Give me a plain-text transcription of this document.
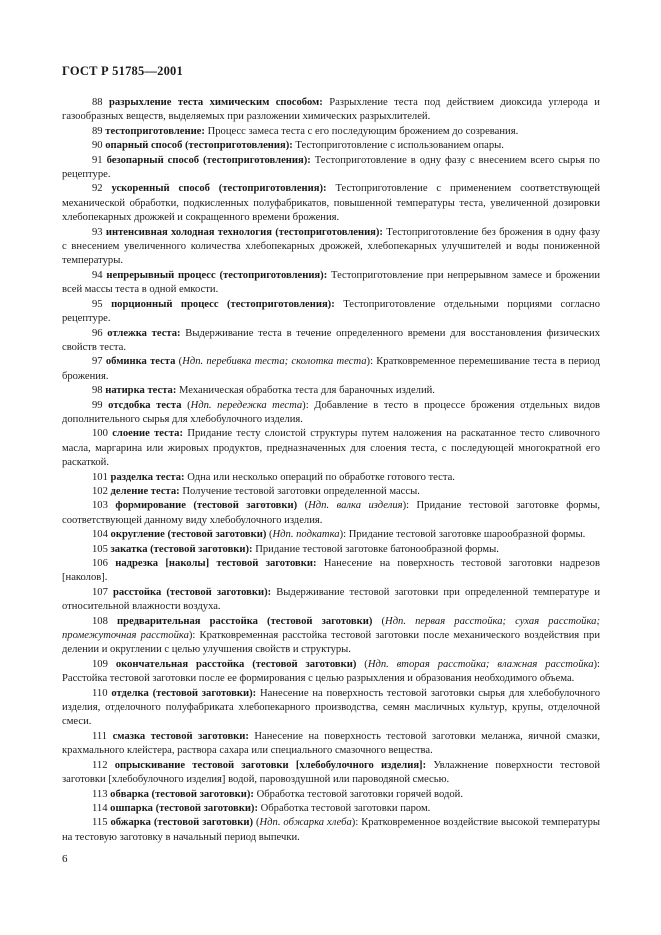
ГОСТ Р 51785—2001

88 разрыхление теста химическим способом: Разрыхление теста под действием диоксида углерода и газообразных веществ, выделяемых при разложении химических разрыхлителей.

89 тестоприготовление: Процесс замеса теста с его последующим брожением до созревания.

90 опарный способ (тестоприготовления): Тестоприготовление с использованием опары.

91 безопарный способ (тестоприготовления): Тестоприготовление в одну фазу с внесением всего сырья по рецептуре.

92 ускоренный способ (тестоприготовления): Тестоприготовление с применением соответствующей механической обработки, подкисленных полуфабрикатов, повышенной температуры теста, увеличенной дозировки хлебопекарных дрожжей и сокращенного времени брожения.

93 интенсивная холодная технология (тестоприготовления): Тестоприготовление без брожения в одну фазу с внесением увеличенного количества хлебопекарных дрожжей, хлебопекарных улучшителей и воды пониженной температуры.

94 непрерывный процесс (тестоприготовления): Тестоприготовление при непрерывном замесе и брожении всей массы теста в одной емкости.

95 порционный процесс (тестоприготовления): Тестоприготовление отдельными порциями согласно рецептуре.

96 отлежка теста: Выдерживание теста в течение определенного времени для восстановления физических свойств теста.

97 обминка теста (Ндп. перебивка теста; сколотка теста): Кратковременное перемешивание теста в период брожения.

98 натирка теста: Механическая обработка теста для бараночных изделий.

99 отсдобка теста (Ндп. передежка теста): Добавление в тесто в процессе брожения отдельных видов дополнительного сырья для хлебобулочного изделия.

100 слоение теста: Придание тесту слоистой структуры путем наложения на раскатанное тесто сливочного масла, маргарина или жировых продуктов, предназначенных для слоения теста, с последующей многократной его раскаткой.

101 разделка теста: Одна или несколько операций по обработке готового теста.

102 деление теста: Получение тестовой заготовки определенной массы.

103 формирование (тестовой заготовки) (Ндп. валка изделия): Придание тестовой заготовке формы, соответствующей данному виду хлебобулочного изделия.

104 округление (тестовой заготовки) (Ндп. подкатка): Придание тестовой заготовке шарообразной формы.

105 закатка (тестовой заготовки): Придание тестовой заготовке батонообразной формы.

106 надрезка [наколы] тестовой заготовки: Нанесение на поверхность тестовой заготовки надрезов [наколов].

107 расстойка (тестовой заготовки): Выдерживание тестовой заготовки при определенной температуре и относительной влажности воздуха.

108 предварительная расстойка (тестовой заготовки) (Ндп. первая расстойка; сухая расстойка; промежуточная расстойка): Кратковременная расстойка тестовой заготовки после механического воздействия при делении и округлении с целью улучшения свойств и структуры.

109 окончательная расстойка (тестовой заготовки) (Ндп. вторая расстойка; влажная расстойка): Расстойка тестовой заготовки после ее формирования с целью разрыхления и образования необходимого объема.

110 отделка (тестовой заготовки): Нанесение на поверхность тестовой заготовки сырья для хлебобулочного изделия, отделочного полуфабриката хлебопекарного производства, семян масличных культур, крупы, отделочной смеси.

111 смазка тестовой заготовки: Нанесение на поверхность тестовой заготовки меланжа, яичной смазки, крахмального клейстера, раствора сахара или специального смазочного вещества.

112 опрыскивание тестовой заготовки [хлебобулочного изделия]: Увлажнение поверхности тестовой заготовки [хлебобулочного изделия] водой, паровоздушной или пароводяной смесью.

113 обварка (тестовой заготовки): Обработка тестовой заготовки горячей водой.

114 ошпарка (тестовой заготовки): Обработка тестовой заготовки паром.

115 обжарка (тестовой заготовки) (Ндп. обжарка хлеба): Кратковременное воздействие высокой температуры на тестовую заготовку в начальный период выпечки.

6
